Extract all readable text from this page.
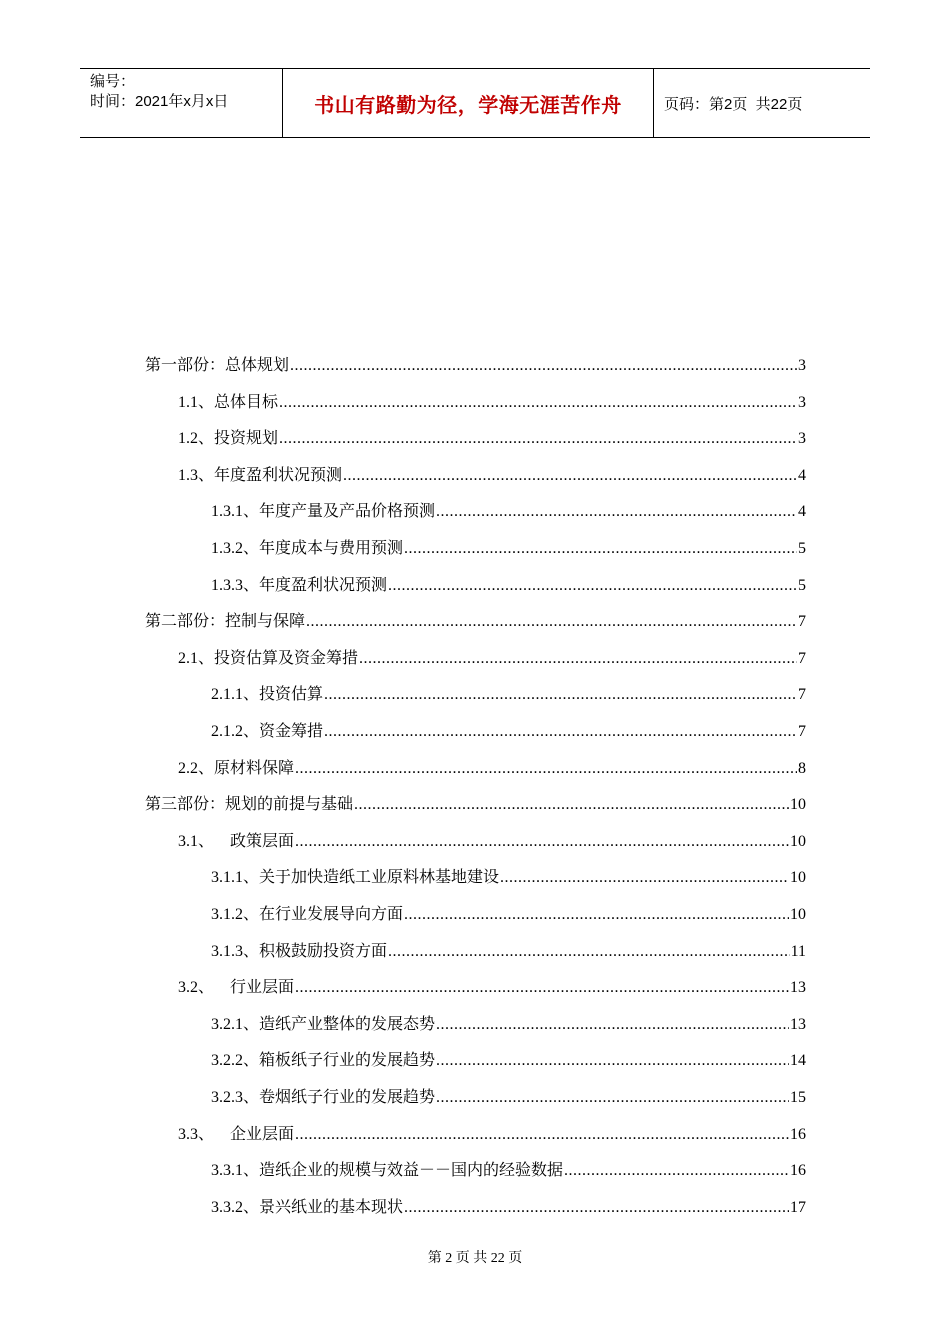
编号：
时间：2021年x月x日	书山有路勤为径，学海无涯苦作舟	页码：第2页  共22页
第一部份：总体规划 .....	3
1.1、总体目标 .....	3
1.2、投资规划 .....	3
1.3、年度盈利状况预测 .....	4
1.3.1、年度产量及产品价格预测 .....	4
1.3.2、年度成本与费用预测 .....	5
1.3.3、年度盈利状况预测 .....	5
第二部份：控制与保障 .....	7
2.1、投资估算及资金筹措 .....	7
2.1.1、投资估算 .....	7
2.1.2、资金筹措 .....	7
2.2、原材料保障 .....	8
第三部份：规划的前提与基础 .....	10
3.1、    政策层面 .....	10
3.1.1、关于加快造纸工业原料林基地建设 .....	10
3.1.2、在行业发展导向方面 .....	10
3.1.3、积极鼓励投资方面 .....	11
3.2、    行业层面 .....	13
3.2.1、造纸产业整体的发展态势 .....	13
3.2.2、箱板纸子行业的发展趋势 .....	14
3.2.3、卷烟纸子行业的发展趋势 .....	15
3.3、    企业层面 .....	16
3.3.1、造纸企业的规模与效益－－国内的经验数据 .....	16
3.3.2、景兴纸业的基本现状 .....	17
第 2 页 共 22 页
